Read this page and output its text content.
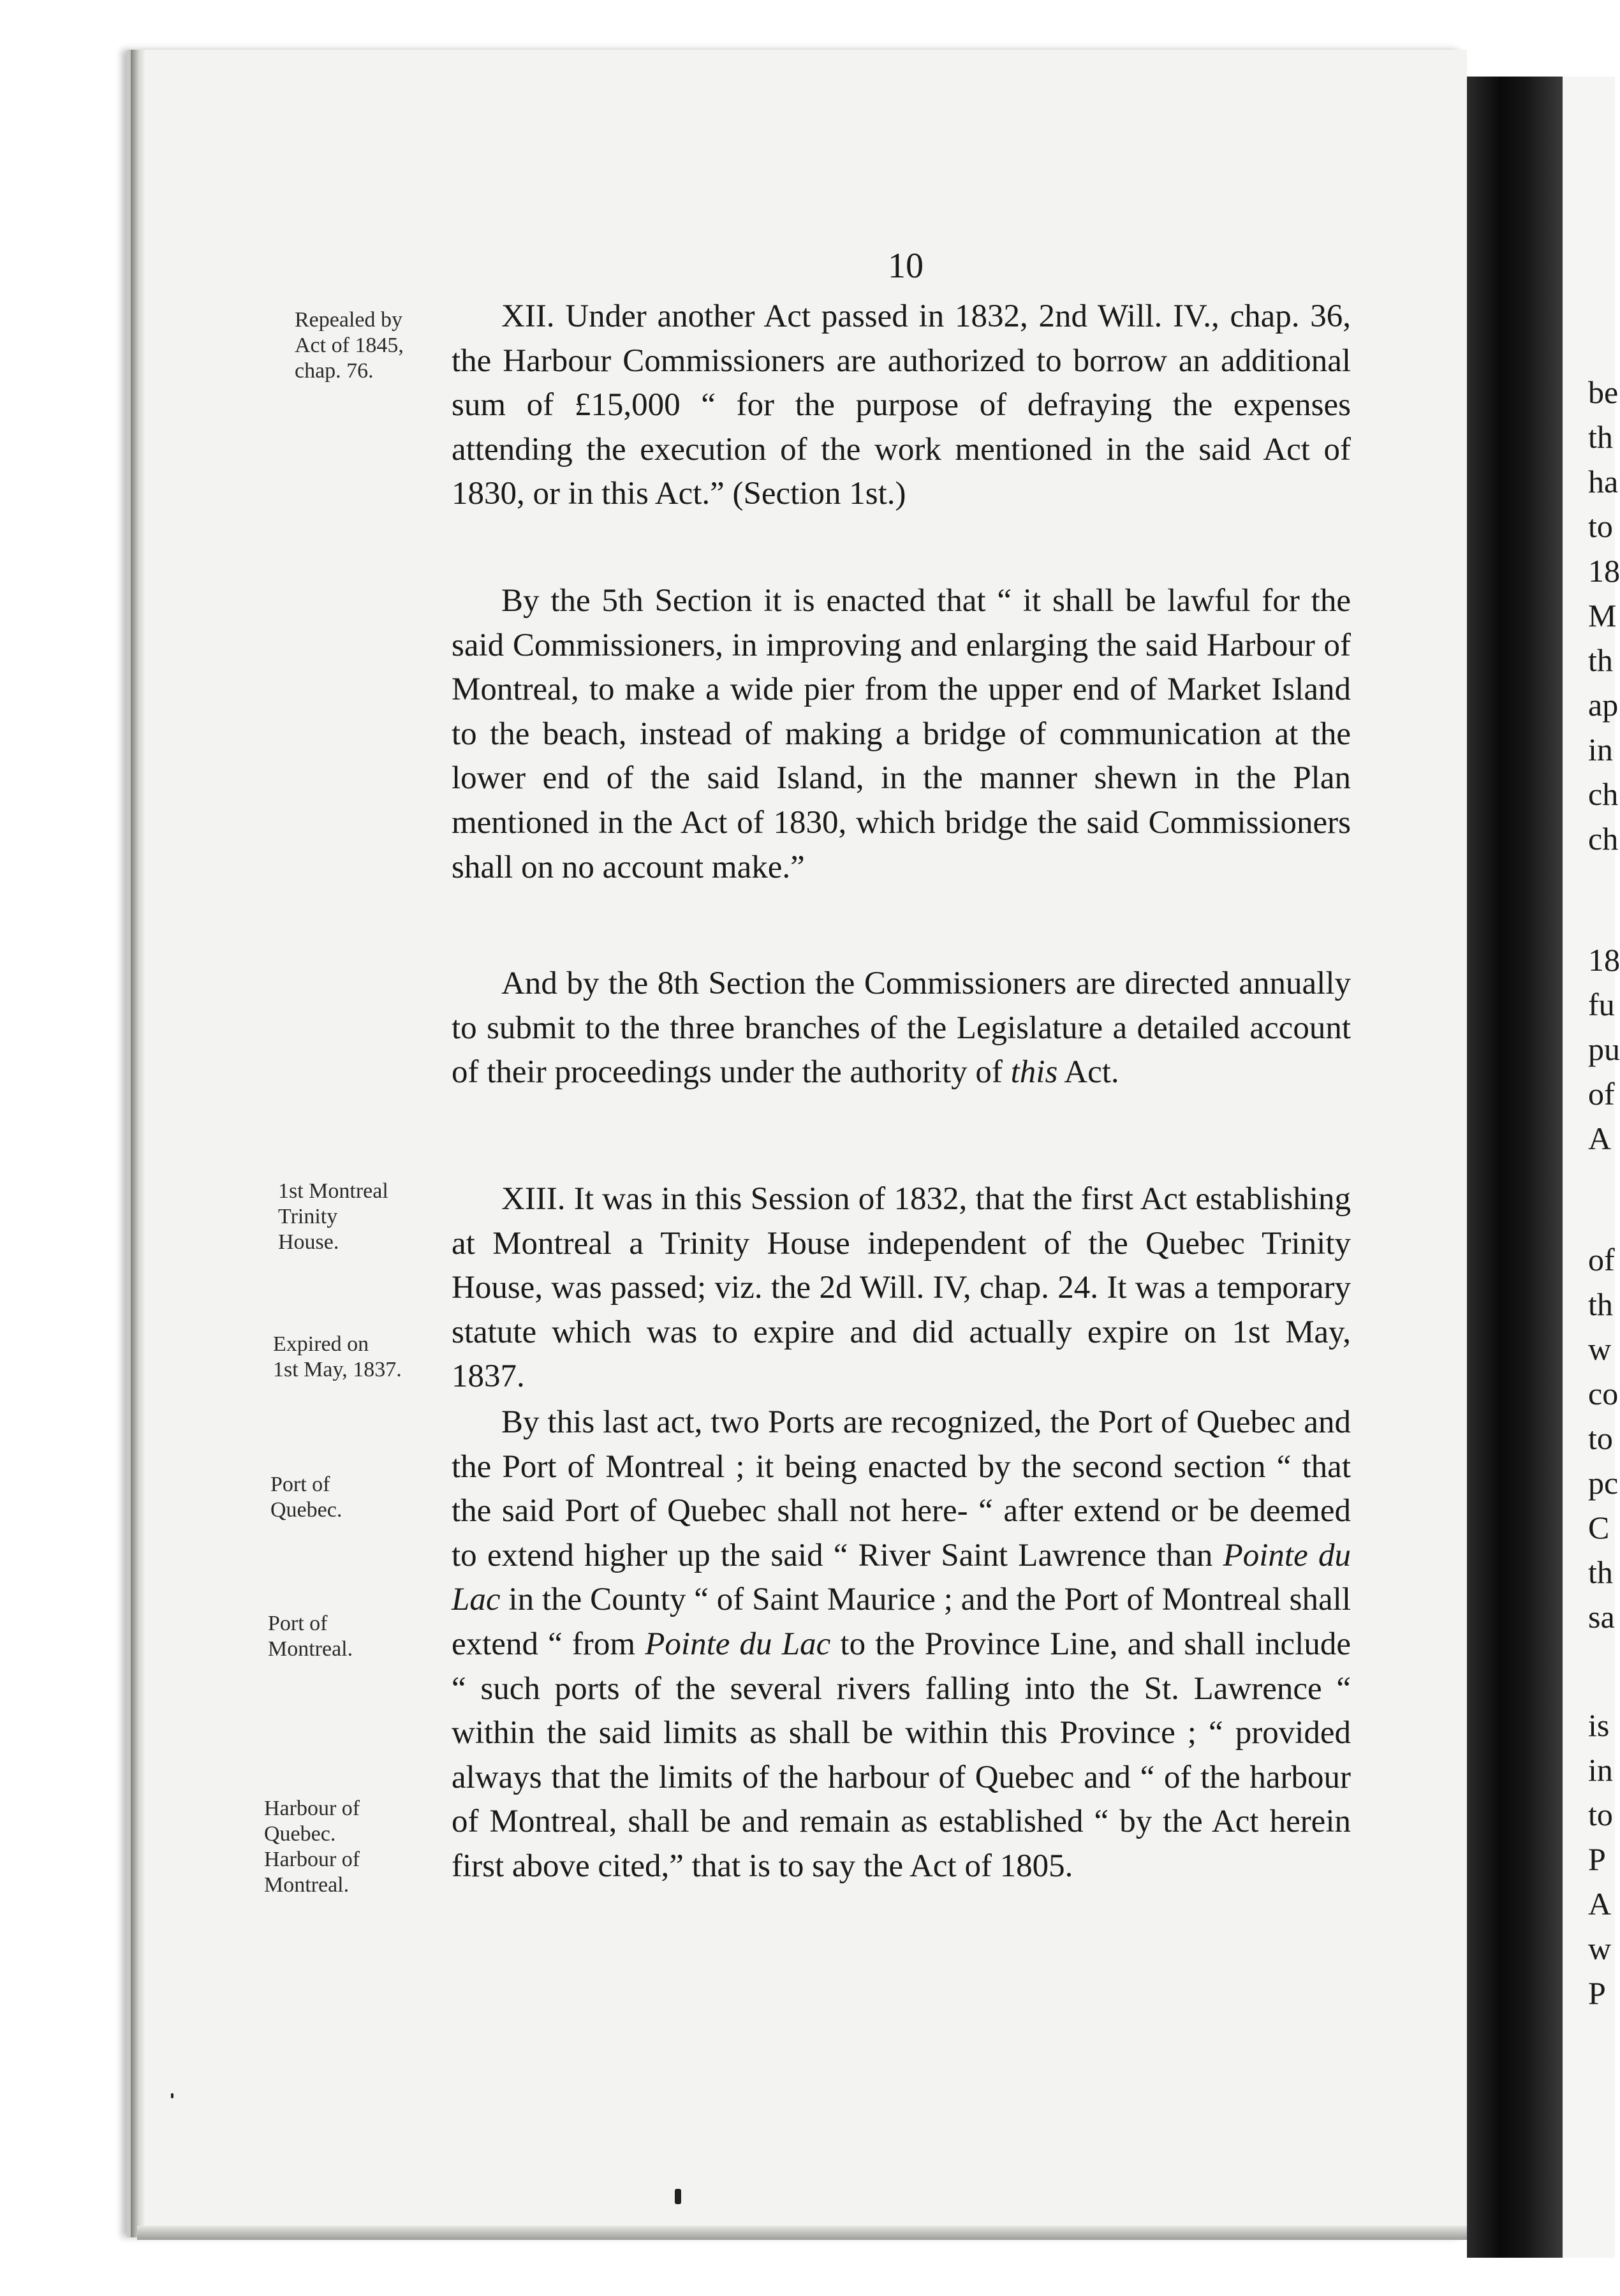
be
th
ha
to
18
M
th
ap
in
ch
ch
18
fu
pu
of
A
of
th
w
co
to
pc
C
th
sa
is
in
to
P
A
w
P
10
Repealed by
Act of 1845,
chap. 76.
1st Montreal
Trinity
House.
Expired on
1st May, 1837.
Port of
Quebec.
Port of
Montreal.
Harbour of
Quebec.
Harbour of
Montreal.

XII. Under another Act passed in 1832, 2nd Will. IV., chap. 36, the Harbour Commissioners are authorized to borrow an additional sum of £15,000 “ for the purpose of defraying the expenses attending the execution of the work mentioned in the said Act of 1830, or in this Act.” (Section 1st.)

By the 5th Section it is enacted that “ it shall be lawful for the said Commissioners, in improving and enlarging the said Harbour of Montreal, to make a wide pier from the upper end of Market Island to the beach, instead of making a bridge of communication at the lower end of the said Island, in the manner shewn in the Plan mentioned in the Act of 1830, which bridge the said Commissioners shall on no account make.”

And by the 8th Section the Commissioners are directed annually to submit to the three branches of the Legislature a detailed account of their proceedings under the authority of this Act.

XIII. It was in this Session of 1832, that the first Act establishing at Montreal a Trinity House independent of the Quebec Trinity House, was passed; viz. the 2d Will. IV, chap. 24. It was a temporary statute which was to expire and did actually expire on 1st May, 1837.

By this last act, two Ports are recognized, the Port of Quebec and the Port of Montreal ; it being enacted by the second section “ that the said Port of Quebec shall not here- “ after extend or be deemed to extend higher up the said “ River Saint Lawrence than Pointe du Lac in the County “ of Saint Maurice ; and the Port of Montreal shall extend “ from Pointe du Lac to the Province Line, and shall include “ such ports of the several rivers falling into the St. Lawrence “ within the said limits as shall be within this Province ; “ provided always that the limits of the harbour of Quebec and “ of the harbour of Montreal, shall be and remain as established “ by the Act herein first above cited,” that is to say the Act of 1805.
